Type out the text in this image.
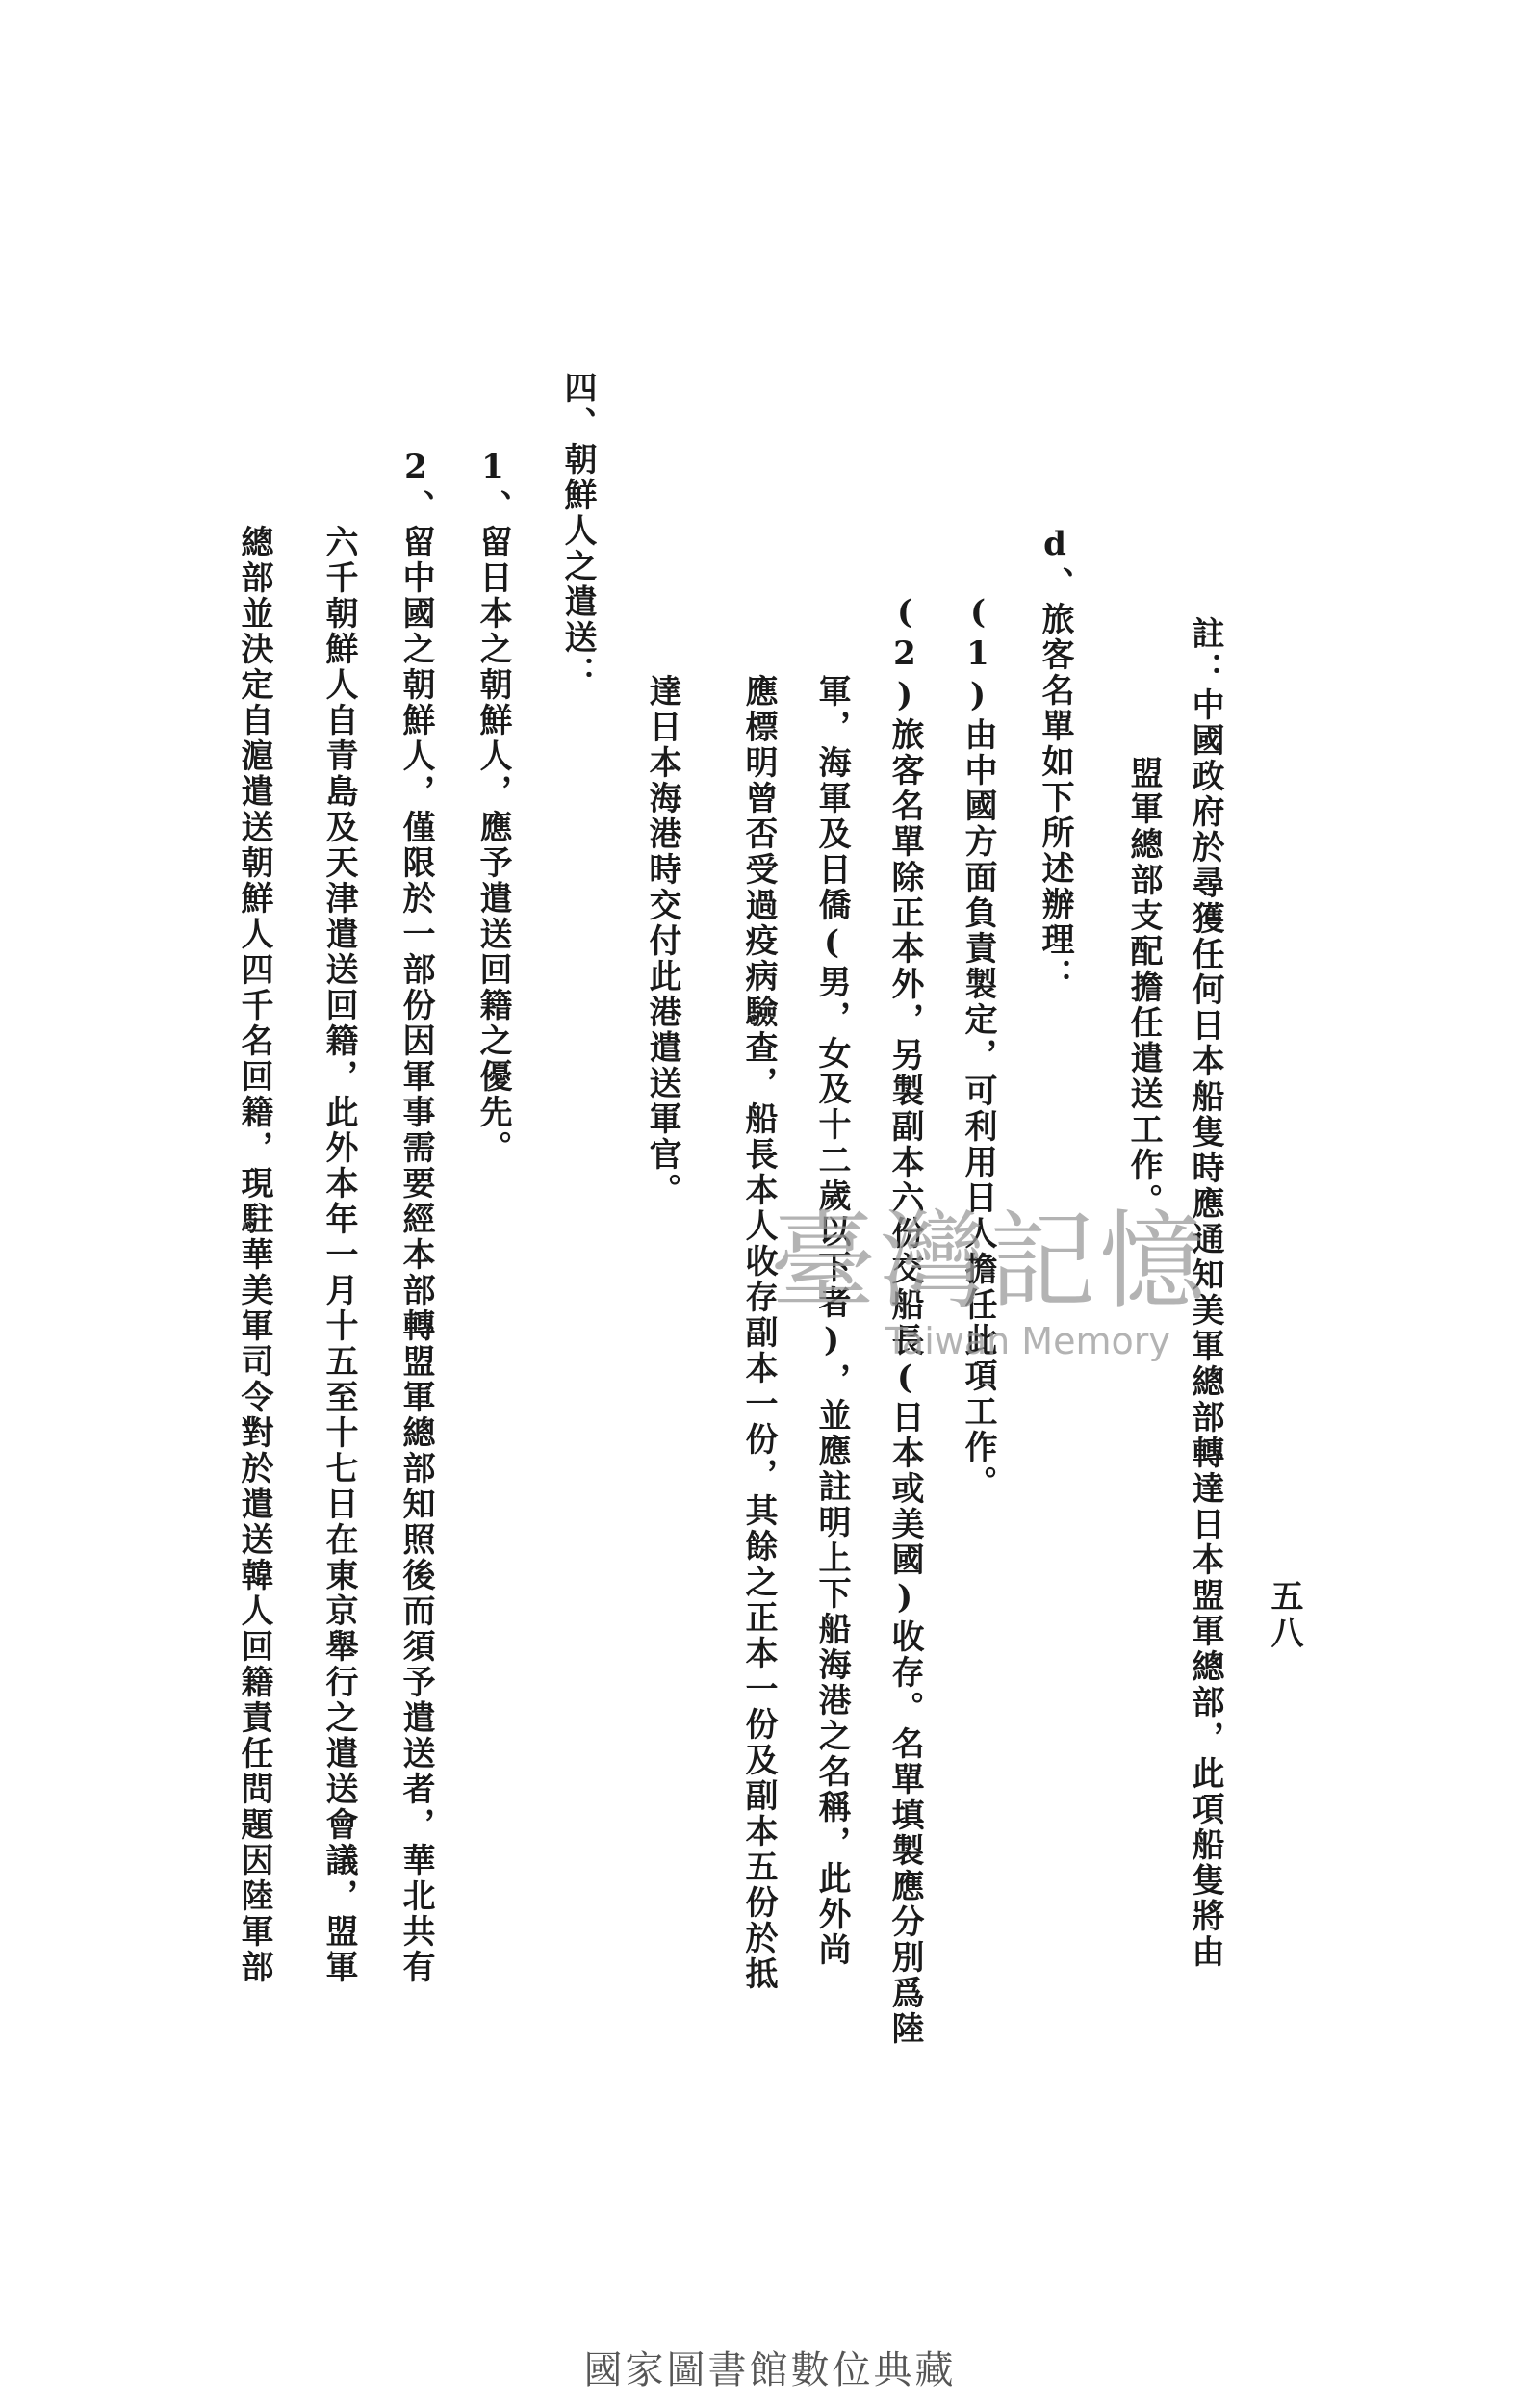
五八
註：中國政府於尋獲任何日本船隻時應通知美軍總部轉達日本盟軍總部，此項船隻將由
盟軍總部支配擔任遣送工作。
d、旅客名單如下所述辦理：
(1)由中國方面負責製定，可利用日人擔任此項工作。
(2)旅客名單除正本外，另製副本六份交船長(日本或美國)收存。名單填製應分別爲陸
軍，海軍及日僑(男，女及十二歲以下者)，並應註明上下船海港之名稱，此外尚
應標明曾否受過疫病驗查，船長本人收存副本一份，其餘之正本一份及副本五份於抵
達日本海港時交付此港遣送軍官。
四、朝鮮人之遣送：
1、留日本之朝鮮人，應予遣送回籍之優先。
2、留中國之朝鮮人，僅限於一部份因軍事需要經本部轉盟軍總部知照後而須予遣送者，華北共有
六千朝鮮人自青島及天津遣送回籍，此外本年一月十五至十七日在東京舉行之遣送會議，盟軍
總部並決定自滬遣送朝鮮人四千名回籍，現駐華美軍司令對於遣送韓人回籍責任問題因陸軍部	臺灣記憶
Taiwan Memory
國家圖書館數位典藏
